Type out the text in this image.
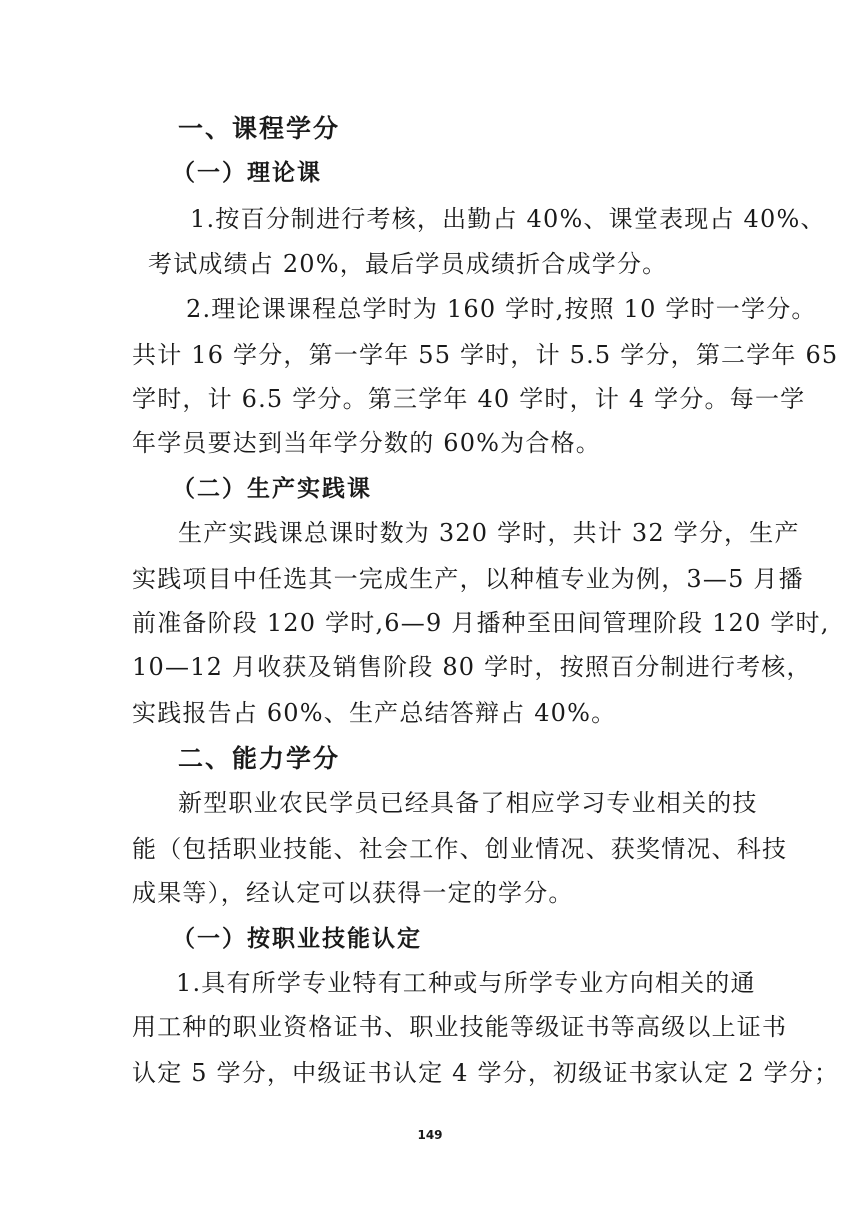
一、课程学分
（一）理论课
1.按百分制进行考核，出勤占 40%、课堂表现占 40%、
考试成绩占 20%，最后学员成绩折合成学分。
2.理论课课程总学时为 160 学时,按照 10 学时一学分。
共计 16 学分，第一学年 55 学时，计 5.5 学分，第二学年 65
学时，计 6.5 学分。第三学年 40 学时，计 4 学分。每一学
年学员要达到当年学分数的 60%为合格。
（二）生产实践课
生产实践课总课时数为 320 学时，共计 32 学分，生产
实践项目中任选其一完成生产，以种植专业为例，3—5 月播
前准备阶段 120 学时,6—9 月播种至田间管理阶段 120 学时,
10—12 月收获及销售阶段 80 学时，按照百分制进行考核，
实践报告占 60%、生产总结答辩占 40%。
二、能力学分
新型职业农民学员已经具备了相应学习专业相关的技
能（包括职业技能、社会工作、创业情况、获奖情况、科技
成果等），经认定可以获得一定的学分。
（一）按职业技能认定
1.具有所学专业特有工种或与所学专业方向相关的通
用工种的职业资格证书、职业技能等级证书等高级以上证书
认定 5 学分，中级证书认定 4 学分，初级证书家认定 2 学分；
149
